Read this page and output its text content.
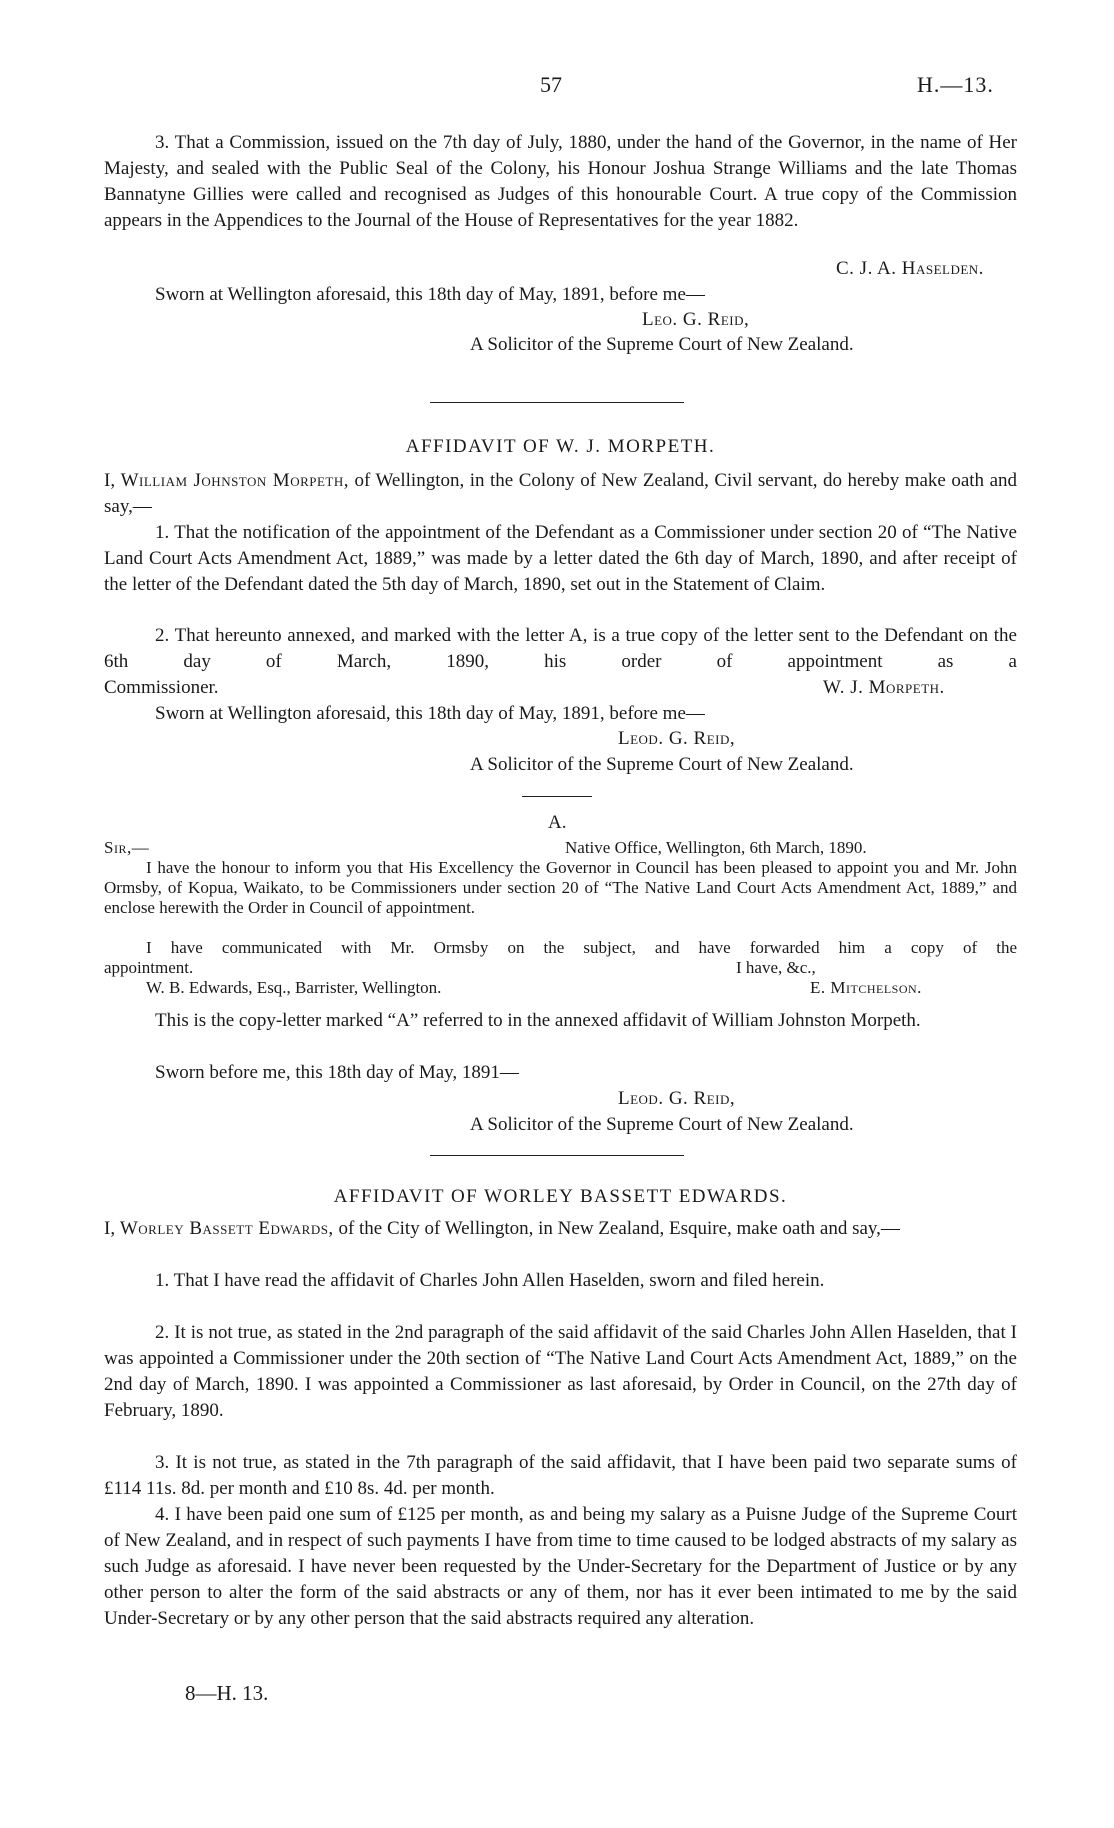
57	H.—13.

3. That a Commission, issued on the 7th day of July, 1880, under the hand of the Governor, in the name of Her Majesty, and sealed with the Public Seal of the Colony, his Honour Joshua Strange Williams and the late Thomas Bannatyne Gillies were called and recognised as Judges of this honourable Court. A true copy of the Commission appears in the Appendices to the Journal of the House of Representatives for the year 1882.

C. J. A. Haselden.
Sworn at Wellington aforesaid, this 18th day of May, 1891, before me—
Leo. G. Reid,
A Solicitor of the Supreme Court of New Zealand.
AFFIDAVIT OF W. J. MORPETH.

I, William Johnston Morpeth, of Wellington, in the Colony of New Zealand, Civil servant, do hereby make oath and say,—

1. That the notification of the appointment of the Defendant as a Commissioner under section 20 of “The Native Land Court Acts Amendment Act, 1889,” was made by a letter dated the 6th day of March, 1890, and after receipt of the letter of the Defendant dated the 5th day of March, 1890, set out in the Statement of Claim.

2. That hereunto annexed, and marked with the letter A, is a true copy of the letter sent to the Defendant on the 6th day of March, 1890, his order of appointment as a

Commissioner.	W. J. Morpeth.
Sworn at Wellington aforesaid, this 18th day of May, 1891, before me—
Leod. G. Reid,
A Solicitor of the Supreme Court of New Zealand.
A.
Sir,—	Native Office, Wellington, 6th March, 1890.

I have the honour to inform you that His Excellency the Governor in Council has been pleased to appoint you and Mr. John Ormsby, of Kopua, Waikato, to be Commissioners under section 20 of “The Native Land Court Acts Amendment Act, 1889,” and enclose herewith the Order in Council of appointment.

I have communicated with Mr. Ormsby on the subject, and have forwarded him a copy of the

appointment.	I have, &c.,
W. B. Edwards, Esq., Barrister, Wellington.	E. Mitchelson.

This is the copy-letter marked “A” referred to in the annexed affidavit of William Johnston Morpeth.

Sworn before me, this 18th day of May, 1891—
Leod. G. Reid,
A Solicitor of the Supreme Court of New Zealand.
AFFIDAVIT OF WORLEY BASSETT EDWARDS.

I, Worley Bassett Edwards, of the City of Wellington, in New Zealand, Esquire, make oath and say,—

1. That I have read the affidavit of Charles John Allen Haselden, sworn and filed herein.

2. It is not true, as stated in the 2nd paragraph of the said affidavit of the said Charles John Allen Haselden, that I was appointed a Commissioner under the 20th section of “The Native Land Court Acts Amendment Act, 1889,” on the 2nd day of March, 1890. I was appointed a Commissioner as last aforesaid, by Order in Council, on the 27th day of February, 1890.

3. It is not true, as stated in the 7th paragraph of the said affidavit, that I have been paid two separate sums of £114 11s. 8d. per month and £10 8s. 4d. per month.

4. I have been paid one sum of £125 per month, as and being my salary as a Puisne Judge of the Supreme Court of New Zealand, and in respect of such payments I have from time to time caused to be lodged abstracts of my salary as such Judge as aforesaid. I have never been requested by the Under-Secretary for the Department of Justice or by any other person to alter the form of the said abstracts or any of them, nor has it ever been intimated to me by the said Under-Secretary or by any other person that the said abstracts required any alteration.

8—H. 13.
